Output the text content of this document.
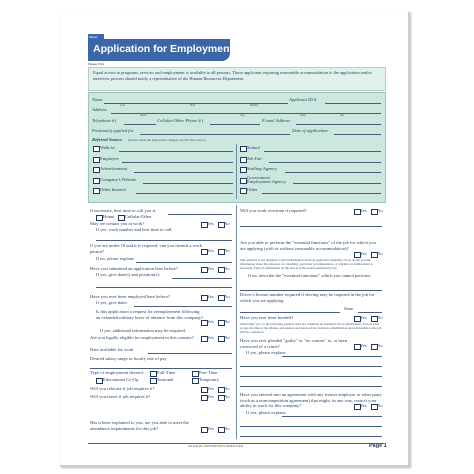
Maine
Application for Employment
Please Print

Equal access to programs, services and employment is available to all persons. Those applicants requiring reasonable accommodation to the application and/or interview process should notify a representative of the Human Resources Department.

Name	Applicant ID #
Last	First	Middle
Address
Street	City	State	Zip
Telephone # (	Cellular/Other Phone # (	E-mail Address
Position(s) applied for	Date of application
Referral Source (Please check the appropriate category and list the source.)
Walk-in
Employee
Advertisement
Company's Website
Other Internet
School
Job Fair
Staffing Agency
Government Employment Agency
Other
If necessary, best time to call you is
Home Cellular/Other
May we contact you at work?	Yes No
If yes, work number and best time to call
If you are under 18 and it is required, can you furnish a work permit?	Yes No
If no, please explain:
Have you submitted an application here before?	Yes No
If yes, give date(s) and position(s):
Have you ever been employed here before?	Yes No
If yes, give dates
Is this application a request for reemployment following an extended military leave of absence from this company?
Yes No
If yes, additional information may be required.
Are you legally eligible for employment in this country?	Yes No
Date available for work
Desired salary range or hourly rate of pay
Type of employment desired:	Full-Time	Part-Time
Educational Co-Op	Seasonal	Temporary
Will you relocate if job requires it?	Yes No
Will you travel if job requires it?	Yes No
Has it been explained to you, are you able to meet the attendance requirements for this job?	Yes No
Will you work overtime if required?	Yes No
Are you able to perform the "essential functions" of the job for which you are applying (with or without reasonable accommodation)?
Yes No
This question is not designed to elicit information about an applicant's disability. If you do not provide information about the existence of a disability, particular accommodation, or whether accommodation is necessary. Entry of information on this line is to the extent permitted by law.
If no, describe the "essential functions" which you cannot perform:
Driver's license number required if driving may be required in the job for which you are applying.
State
Have you ever been bonded?	Yes No
Answering "yes" to the following question does not constitute an automatic bar to employment. Factors such as age, the time of the offense, seriousness and nature of the violation, rehabilitation and relationship to the job will be considered.
Have you ever pleaded "guilty" or "no contest" to, or been convicted of a crime?	Yes No
If yes, please explain:
Have you entered into an agreement with any former employer or other party (such as a noncompetition agreement) that might, in any way, restrict your ability to work for this company?	Yes No
If yes, please explain:
AN EQUAL OPPORTUNITY EMPLOYER	Page 1
